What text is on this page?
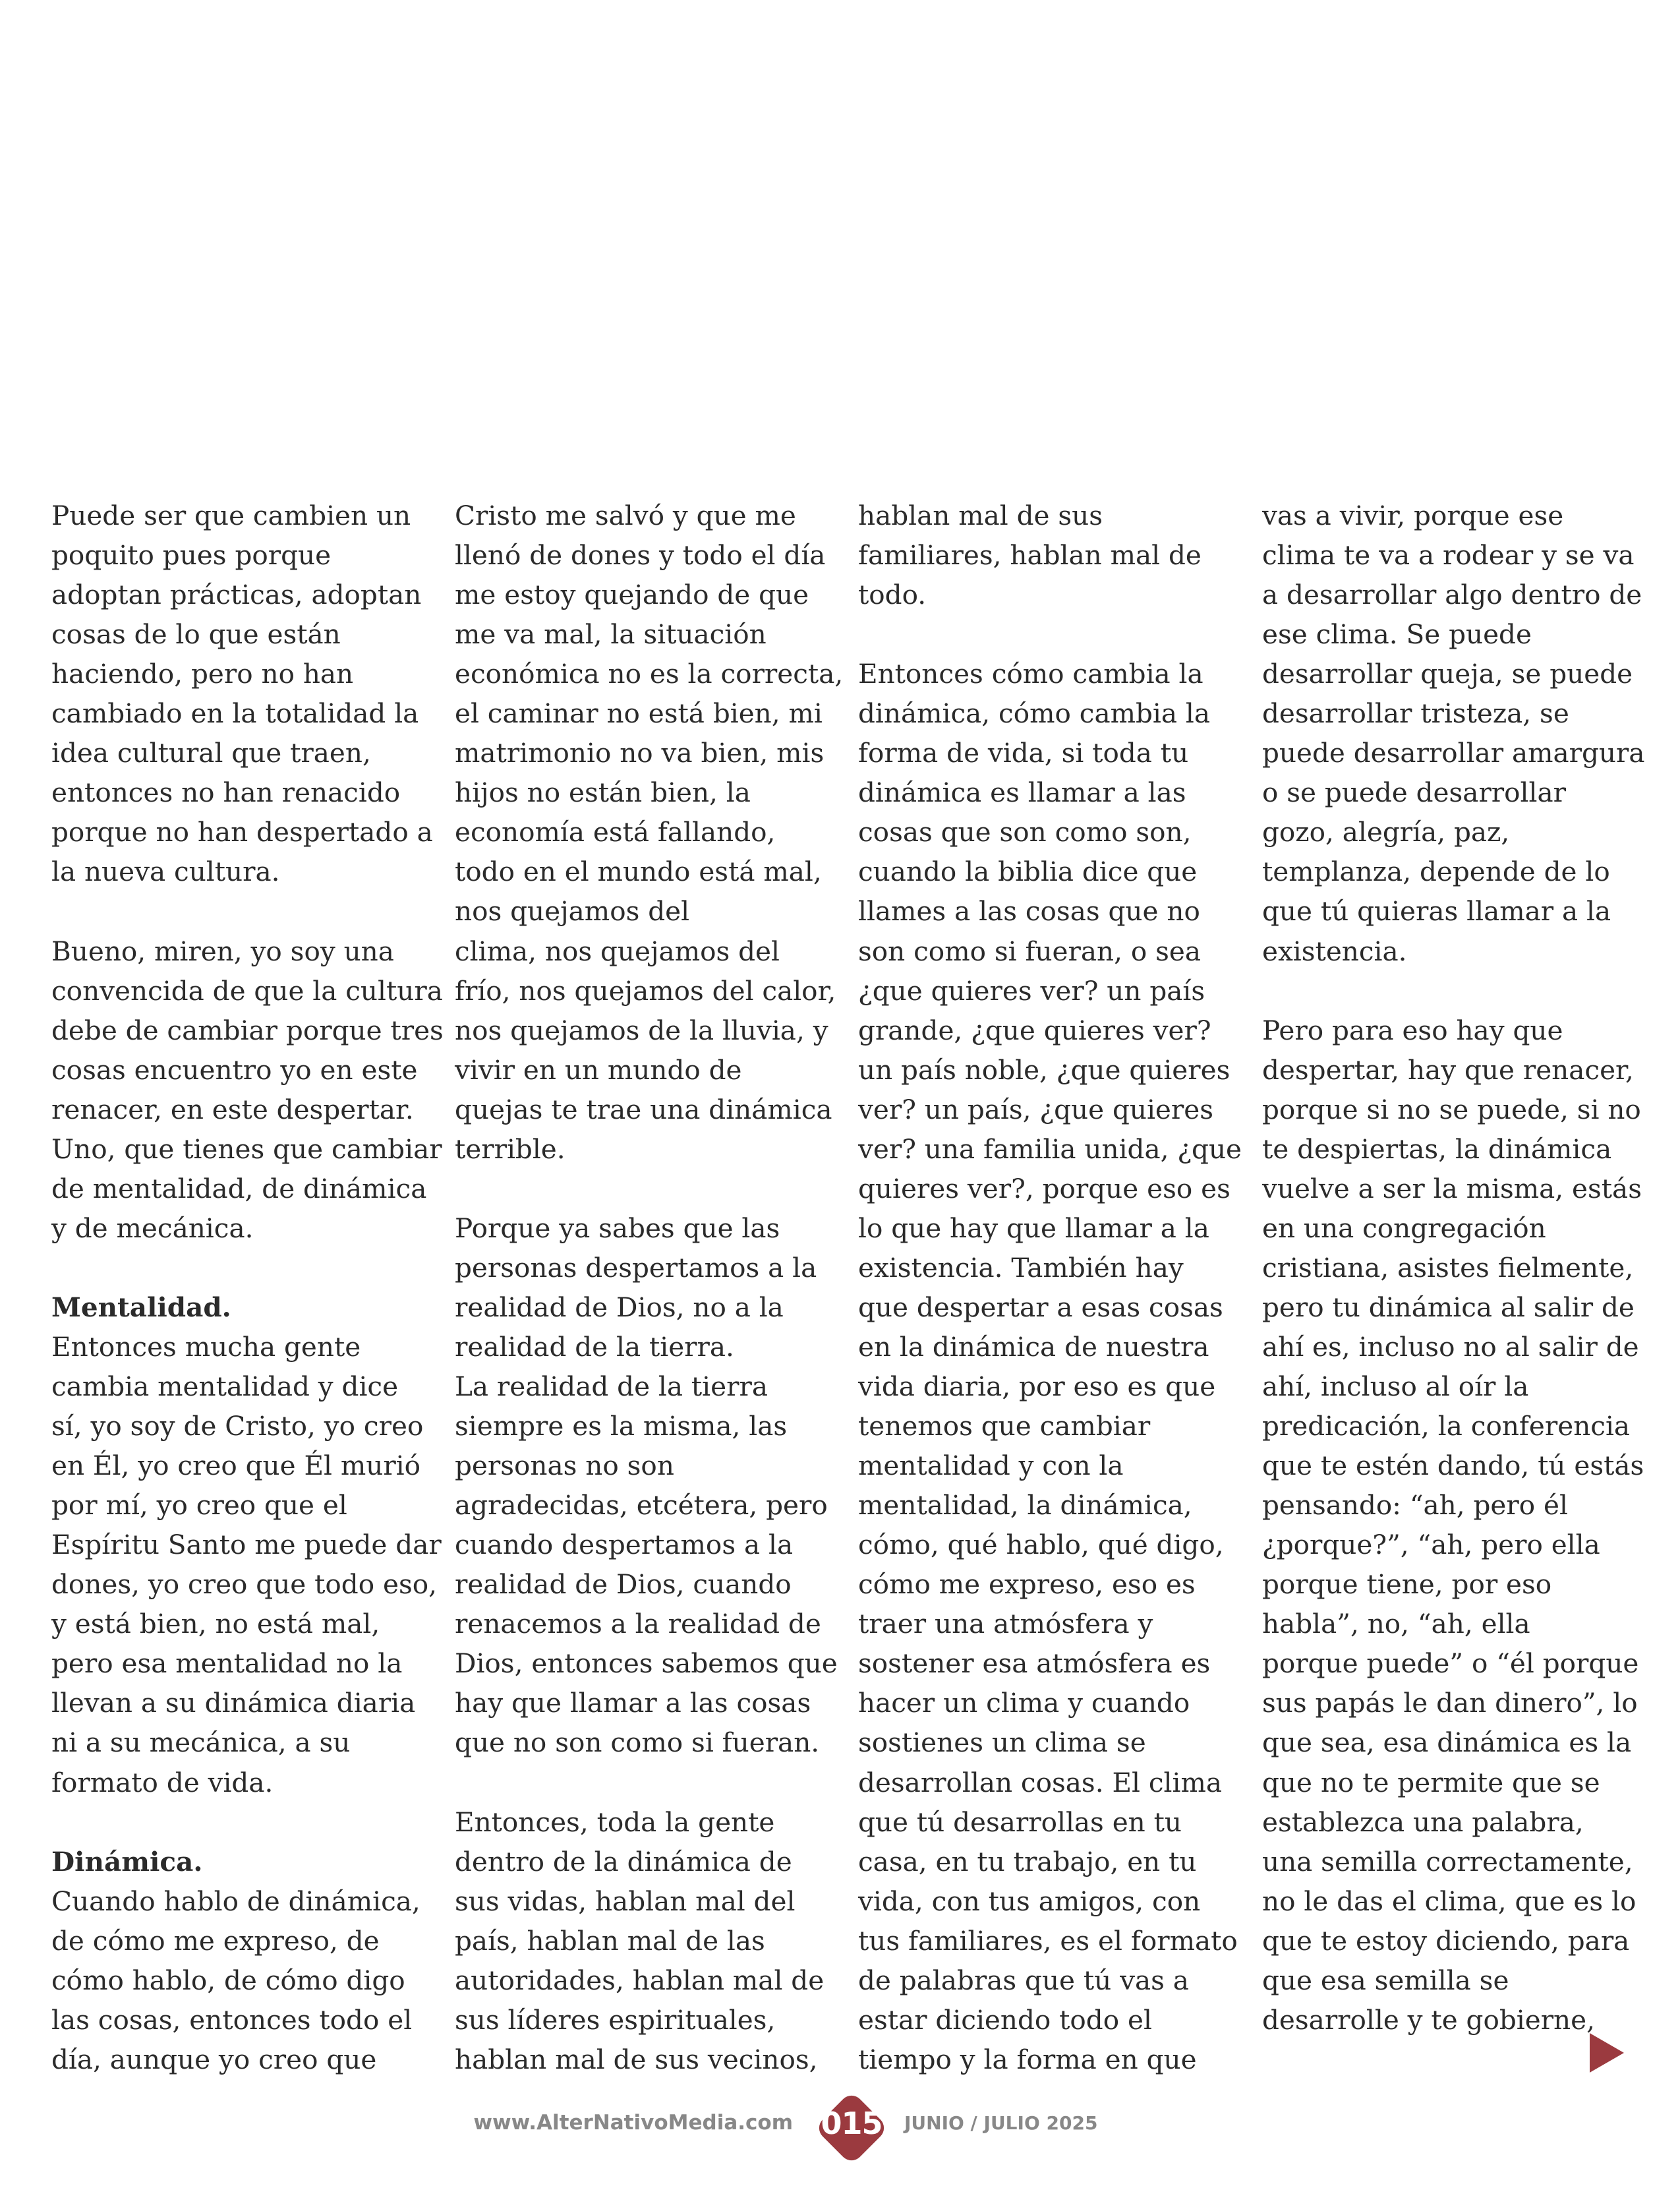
Puede ser que cambien un
poquito pues porque
adoptan prácticas, adoptan
cosas de lo que están
haciendo, pero no han
cambiado en la totalidad la
idea cultural que traen,
entonces no han renacido
porque no han despertado a
la nueva cultura.

Bueno, miren, yo soy una
convencida de que la cultura
debe de cambiar porque tres
cosas encuentro yo en este
renacer, en este despertar.
Uno, que tienes que cambiar
de mentalidad, de dinámica
y de mecánica.

Mentalidad.

Entonces mucha gente
cambia mentalidad y dice
sí, yo soy de Cristo, yo creo
en Él, yo creo que Él murió
por mí, yo creo que el
Espíritu Santo me puede dar
dones, yo creo que todo eso,
y está bien, no está mal,
pero esa mentalidad no la
llevan a su dinámica diaria
ni a su mecánica, a su
formato de vida.

Dinámica.

Cuando hablo de dinámica,
de cómo me expreso, de
cómo hablo, de cómo digo
las cosas, entonces todo el
día, aunque yo creo que

Cristo me salvó y que me
llenó de dones y todo el día
me estoy quejando de que
me va mal, la situación
económica no es la correcta,
el caminar no está bien, mi
matrimonio no va bien, mis
hijos no están bien, la
economía está fallando,
todo en el mundo está mal,
nos quejamos del
clima, nos quejamos del
frío, nos quejamos del calor,
nos quejamos de la lluvia, y
vivir en un mundo de
quejas te trae una dinámica
terrible.

Porque ya sabes que las
personas despertamos a la
realidad de Dios, no a la
realidad de la tierra.
La realidad de la tierra
siempre es la misma, las
personas no son
agradecidas, etcétera, pero
cuando despertamos a la
realidad de Dios, cuando
renacemos a la realidad de
Dios, entonces sabemos que
hay que llamar a las cosas
que no son como si fueran.

Entonces, toda la gente
dentro de la dinámica de
sus vidas, hablan mal del
país, hablan mal de las
autoridades, hablan mal de
sus líderes espirituales,
hablan mal de sus vecinos,

hablan mal de sus
familiares, hablan mal de
todo.

Entonces cómo cambia la
dinámica, cómo cambia la
forma de vida, si toda tu
dinámica es llamar a las
cosas que son como son,
cuando la biblia dice que
llames a las cosas que no
son como si fueran, o sea
¿que quieres ver? un país
grande, ¿que quieres ver?
un país noble, ¿que quieres
ver? un país, ¿que quieres
ver? una familia unida, ¿que
quieres ver?, porque eso es
lo que hay que llamar a la
existencia. También hay
que despertar a esas cosas
en la dinámica de nuestra
vida diaria, por eso es que
tenemos que cambiar
mentalidad y con la
mentalidad, la dinámica,
cómo, qué hablo, qué digo,
cómo me expreso, eso es
traer una atmósfera y
sostener esa atmósfera es
hacer un clima y cuando
sostienes un clima se
desarrollan cosas. El clima
que tú desarrollas en tu
casa, en tu trabajo, en tu
vida, con tus amigos, con
tus familiares, es el formato
de palabras que tú vas a
estar diciendo todo el
tiempo y la forma en que

vas a vivir, porque ese
clima te va a rodear y se va
a desarrollar algo dentro de
ese clima. Se puede
desarrollar queja, se puede
desarrollar tristeza, se
puede desarrollar amargura
o se puede desarrollar
gozo, alegría, paz,
templanza, depende de lo
que tú quieras llamar a la
existencia.

Pero para eso hay que
despertar, hay que renacer,
porque si no se puede, si no
te despiertas, la dinámica
vuelve a ser la misma, estás
en una congregación
cristiana, asistes fielmente,
pero tu dinámica al salir de
ahí es, incluso no al salir de
ahí, incluso al oír la
predicación, la conferencia
que te estén dando, tú estás
pensando: “ah, pero él
¿porque?”, “ah, pero ella
porque tiene, por eso
habla”, no, “ah, ella
porque puede” o “él porque
sus papás le dan dinero”, lo
que sea, esa dinámica es la
que no te permite que se
establezca una palabra,
una semilla correctamente,
no le das el clima, que es lo
que te estoy diciendo, para
que esa semilla se
desarrolle y te gobierne,

www.AlterNativoMedia.com 015	JUNIO / JULIO 2025
